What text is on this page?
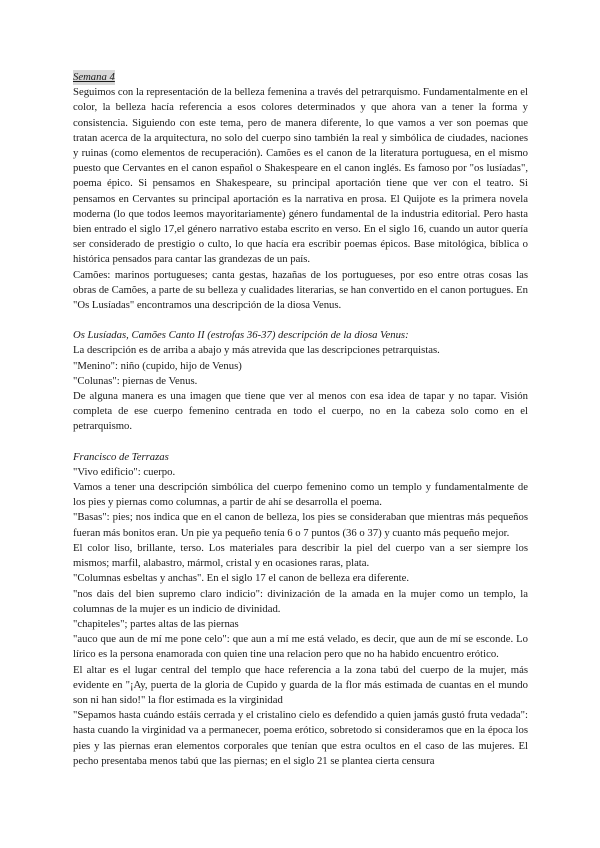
Semana 4

Seguimos con la representación de la belleza femenina a través del petrarquismo. Fundamentalmente en el color, la belleza hacía referencia a esos colores determinados y que ahora van a tener la forma y consistencia. Siguiendo con este tema, pero de manera diferente, lo que vamos a ver son poemas que tratan acerca de la arquitectura, no solo del cuerpo sino también la real y simbólica de ciudades, naciones y ruinas (como elementos de recuperación). Camões es el canon de la literatura portuguesa, en el mismo puesto que Cervantes en el canon español o Shakespeare en el canon inglés. Es famoso por "os lusíadas", poema épico. Si pensamos en Shakespeare, su principal aportación tiene que ver con el teatro. Si pensamos en Cervantes su principal aportación es la narrativa en prosa. El Quijote es la primera novela moderna (lo que todos leemos mayoritariamente) género fundamental de la industria editorial. Pero hasta bien entrado el siglo 17,el género narrativo estaba escrito en verso. En el siglo 16, cuando un autor quería ser considerado de prestigio o culto, lo que hacía era escribir poemas épicos. Base mitológica, bíblica o histórica pensados para cantar las grandezas de un país.

Camões: marinos portugueses; canta gestas, hazañas de los portugueses, por eso entre otras cosas las obras de Camões, a parte de su belleza y cualidades literarias, se han convertido en el canon portugues. En "Os Lusíadas" encontramos una descripción de la diosa Venus.

Os Lusíadas, Camões Canto II (estrofas 36-37) descripción de la diosa Venus:

La descripción es de arriba a abajo y más atrevida que las descripciones petrarquistas.

"Menino": niño (cupido, hijo de Venus)

"Colunas": piernas de Venus.

De alguna manera es una imagen que tiene que ver al menos con esa idea de tapar y no tapar. Visión completa de ese cuerpo femenino centrada en todo el cuerpo, no en la cabeza solo como en el petrarquismo.

Francisco de Terrazas

"Vivo edificio": cuerpo.

Vamos a tener una descripción simbólica del cuerpo femenino como un templo y fundamentalmente de los pies y piernas como columnas, a partir de ahí se desarrolla el poema.

"Basas": pies; nos indica que en el canon de belleza, los pies se consideraban que mientras más pequeños fueran más bonitos eran. Un pie ya pequeño tenía 6 o 7 puntos (36 o 37) y cuanto más pequeño mejor.

El color liso, brillante, terso. Los materiales para describir la piel del cuerpo van a ser siempre los mismos; marfil, alabastro, mármol, cristal y en ocasiones raras, plata.

"Columnas esbeltas y anchas". En el siglo 17 el canon de belleza era diferente.

"nos dais del bien supremo claro indicio": divinización de la amada en la mujer como un templo, la columnas de la mujer es un indicio de divinidad.

"chapiteles"; partes altas de las piernas

"auco que aun de mí me pone celo": que aun a mí me está velado, es decir, que aun de mí se esconde. Lo lírico es la persona enamorada con quien tine una relacion pero que no ha habido encuentro erótico.

El altar es el lugar central del templo que hace referencia a la zona tabú del cuerpo de la mujer, más evidente en "¡Ay, puerta de la gloria de Cupido y guarda de la flor más estimada de cuantas en el mundo son ni han sido!" la flor estimada es la virginidad

"Sepamos hasta cuándo estáis cerrada y el cristalino cielo es defendido a quien jamás gustó fruta vedada": hasta cuando la virginidad va a permanecer, poema erótico, sobretodo si consideramos que en la época los pies y las piernas eran elementos corporales que tenían que estra ocultos en el caso de las mujeres. El pecho presentaba menos tabú que las piernas; en el siglo 21 se plantea cierta censura
